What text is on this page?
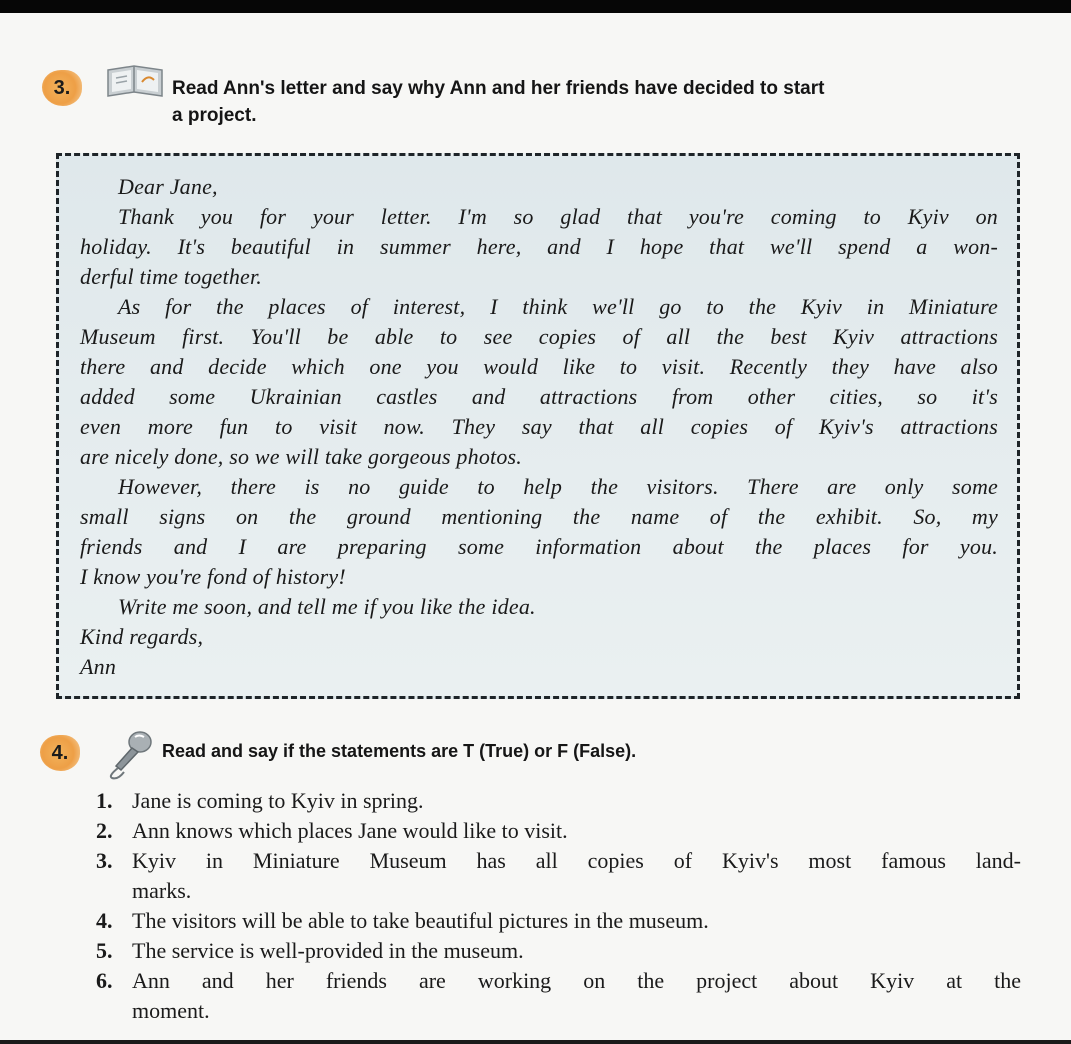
3.	Read Ann's letter and say why Ann and her friends have decided to start
a project.
Dear Jane,
Thank you for your letter. I'm so glad that you're coming to Kyiv on
holiday. It's beautiful in summer here, and I hope that we'll spend a won-
derful time together.
As for the places of interest, I think we'll go to the Kyiv in Miniature
Museum first. You'll be able to see copies of all the best Kyiv attractions
there and decide which one you would like to visit. Recently they have also
added some Ukrainian castles and attractions from other cities, so it's
even more fun to visit now. They say that all copies of Kyiv's attractions
are nicely done, so we will take gorgeous photos.
However, there is no guide to help the visitors. There are only some
small signs on the ground mentioning the name of the exhibit. So, my
friends and I are preparing some information about the places for you.
I know you're fond of history!
Write me soon, and tell me if you like the idea.
Kind regards,
Ann
4.	Read and say if the statements are T (True) or F (False).
1. Jane is coming to Kyiv in spring.
2. Ann knows which places Jane would like to visit.
3. Kyiv in Miniature Museum has all copies of Kyiv's most famous land-
marks.
4. The visitors will be able to take beautiful pictures in the museum.
5. The service is well-provided in the museum.
6. Ann and her friends are working on the project about Kyiv at the
moment.
